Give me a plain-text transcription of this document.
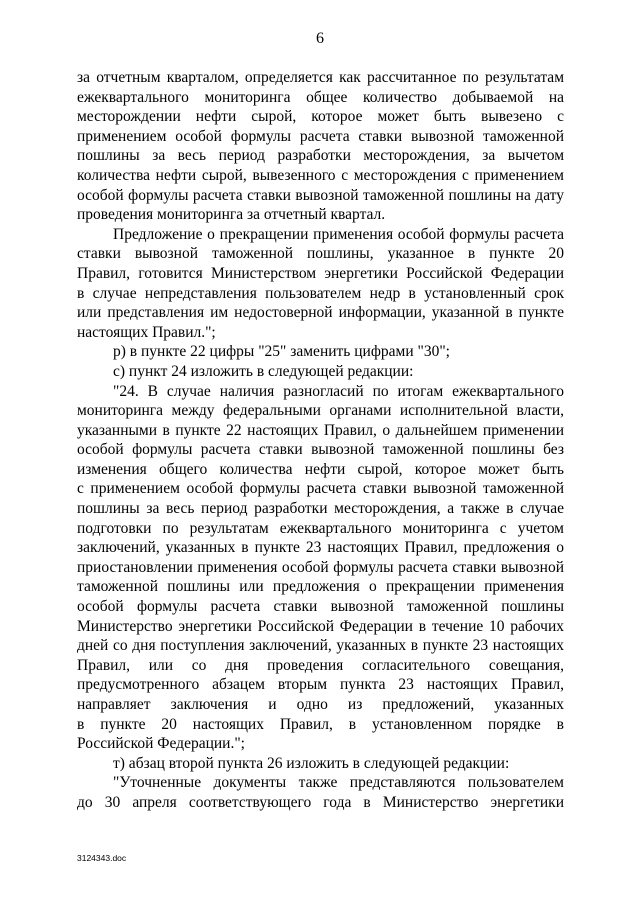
6
за отчетным кварталом, определяется как рассчитанное по результатам
ежеквартального мониторинга общее количество добываемой на
месторождении нефти сырой, которое может быть вывезено с
применением особой формулы расчета ставки вывозной таможенной
пошлины за весь период разработки месторождения, за вычетом
количества нефти сырой, вывезенного с месторождения с применением
особой формулы расчета ставки вывозной таможенной пошлины на дату
проведения мониторинга за отчетный квартал.
Предложение о прекращении применения особой формулы расчета
ставки вывозной таможенной пошлины, указанное в пункте 20
Правил, готовится Министерством энергетики Российской Федерации
в случае непредставления пользователем недр в установленный срок
или представления им недостоверной информации, указанной в пункте
настоящих Правил.";
р) в пункте 22 цифры "25" заменить цифрами "30";
с) пункт 24 изложить в следующей редакции:
"24. В случае наличия разногласий по итогам ежеквартального
мониторинга между федеральными органами исполнительной власти,
указанными в пункте 22 настоящих Правил, о дальнейшем применении
особой формулы расчета ставки вывозной таможенной пошлины без
изменения общего количества нефти сырой, которое может быть
с применением особой формулы расчета ставки вывозной таможенной
пошлины за весь период разработки месторождения, а также в случае
подготовки по результатам ежеквартального мониторинга с учетом
заключений, указанных в пункте 23 настоящих Правил, предложения о
приостановлении применения особой формулы расчета ставки вывозной
таможенной пошлины или предложения о прекращении применения
особой формулы расчета ставки вывозной таможенной пошлины
Министерство энергетики Российской Федерации в течение 10 рабочих
дней со дня поступления заключений, указанных в пункте 23 настоящих
Правил, или со дня проведения согласительного совещания,
предусмотренного абзацем вторым пункта 23 настоящих Правил,
направляет заключения и одно из предложений, указанных
в пункте 20 настоящих Правил, в установленном порядке в
Российской Федерации.";
т) абзац второй пункта 26 изложить в следующей редакции:
"Уточненные документы также представляются пользователем
до 30 апреля соответствующего года в Министерство энергетики
3124343.doc
